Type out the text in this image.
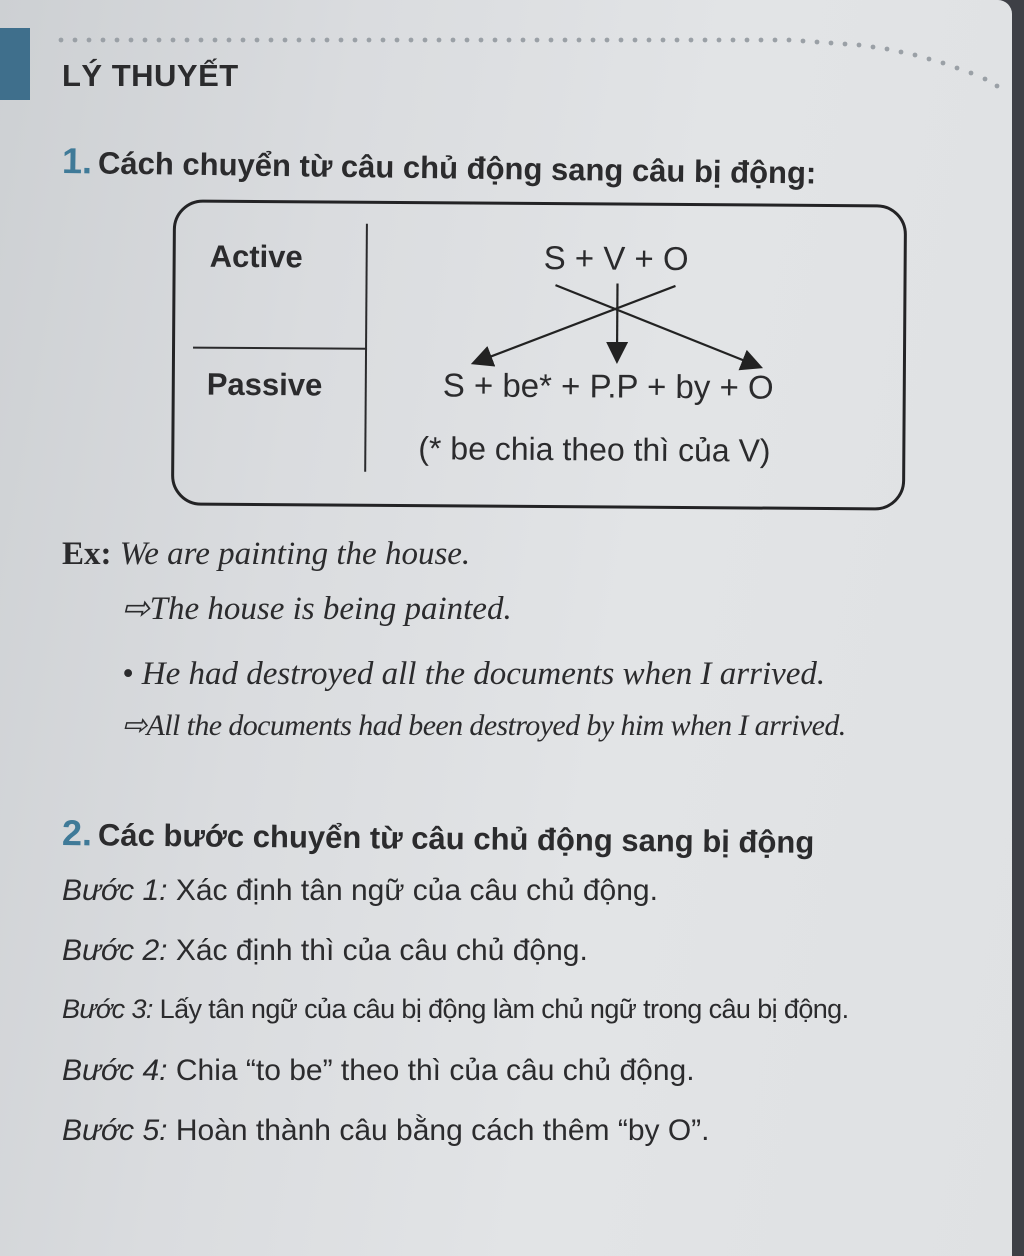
LÝ THUYẾT
1. Cách chuyển từ câu chủ động sang câu bị động:
Active
Passive
S + V + O
S + be* + P.P + by + O
(* be chia theo thì của V)
Ex: We are painting the house.
⇨The house is being painted.
• He had destroyed all the documents when I arrived.
⇨All the documents had been destroyed by him when I arrived.
2. Các bước chuyển từ câu chủ động sang bị động
Bước 1: Xác định tân ngữ của câu chủ động.
Bước 2: Xác định thì của câu chủ động.
Bước 3: Lấy tân ngữ của câu bị động làm chủ ngữ trong câu bị động.
Bước 4: Chia “to be” theo thì của câu chủ động.
Bước 5: Hoàn thành câu bằng cách thêm “by O”.
